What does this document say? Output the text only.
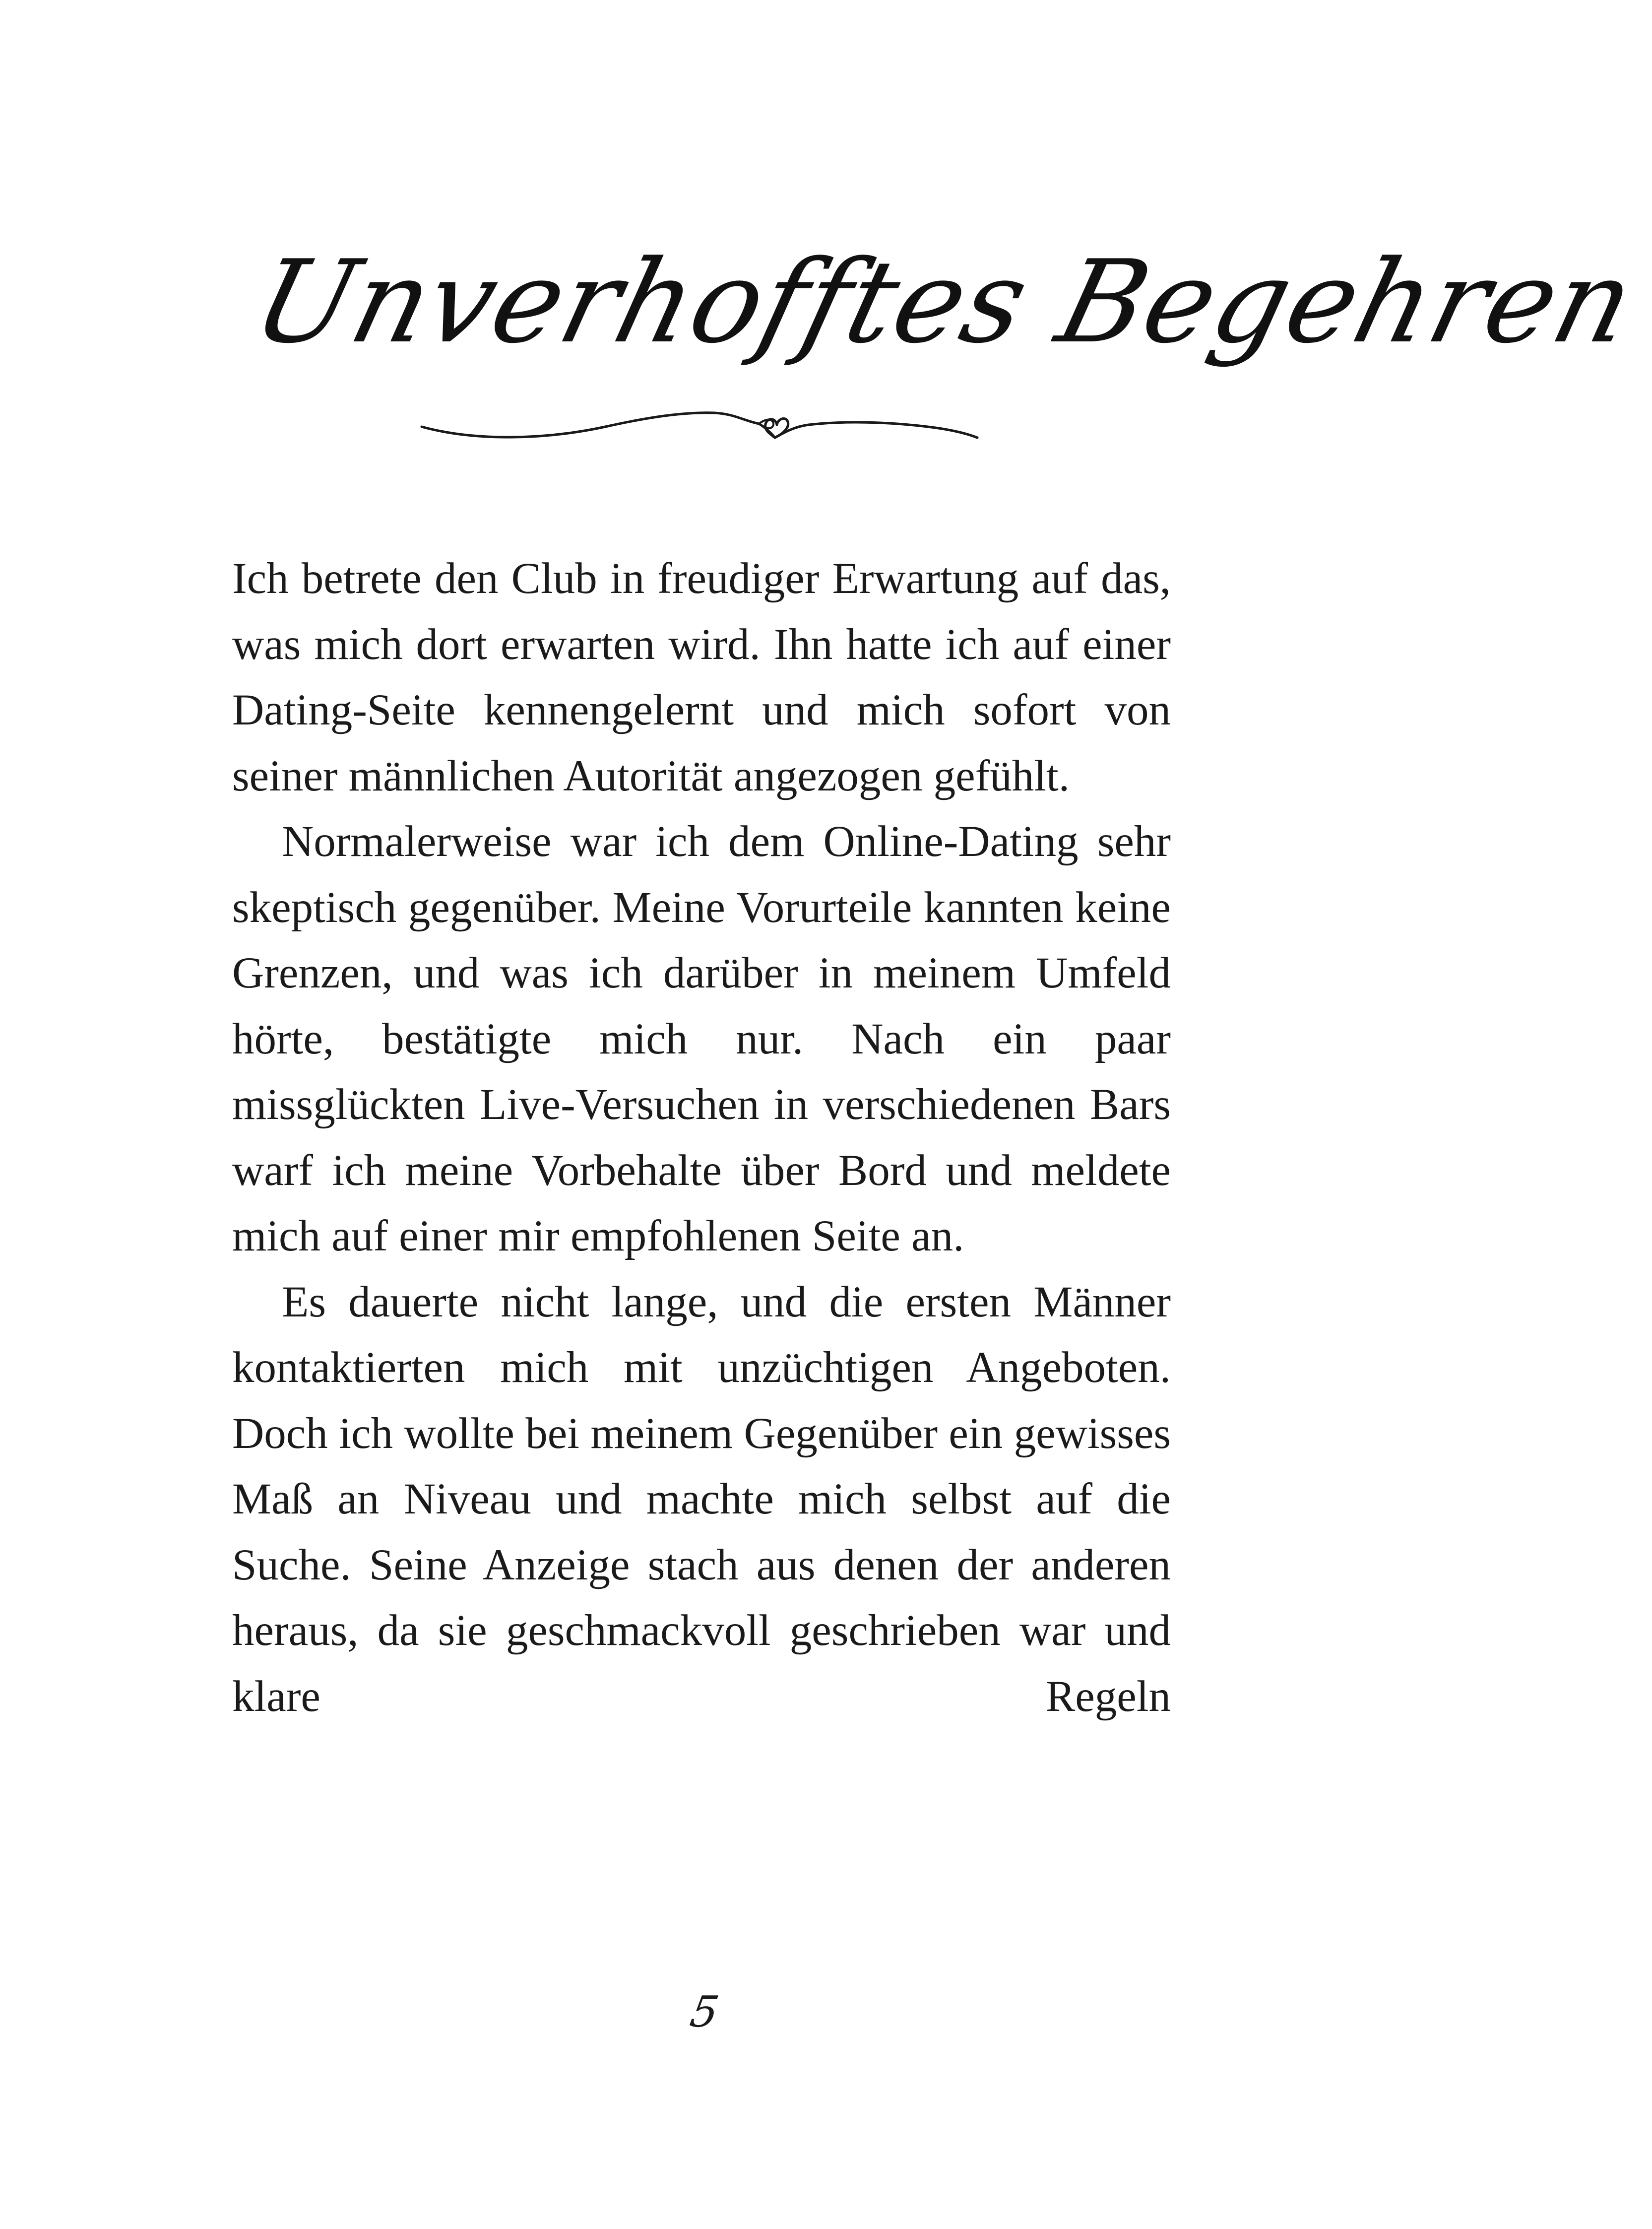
Unverhofftes Begehren

Ich betrete den Club in freudiger Erwartung auf das, was mich dort erwarten wird. Ihn hatte ich auf einer Dating-Seite kennengelernt und mich sofort von seiner männlichen Autorität angezogen gefühlt.

Normalerweise war ich dem Online-Dating sehr skeptisch gegenüber. Meine Vorurteile kannten keine Grenzen, und was ich darüber in meinem Umfeld hörte, bestätigte mich nur. Nach ein paar missglückten Live-Versuchen in verschiedenen Bars warf ich meine Vorbehalte über Bord und meldete mich auf einer mir empfohlenen Seite an.

Es dauerte nicht lange, und die ersten Männer kontaktierten mich mit unzüchtigen Angeboten. Doch ich wollte bei meinem Gegenüber ein gewisses Maß an Niveau und machte mich selbst auf die Suche. Seine Anzeige stach aus denen der anderen heraus, da sie geschmackvoll geschrieben war und klare Regeln

5
